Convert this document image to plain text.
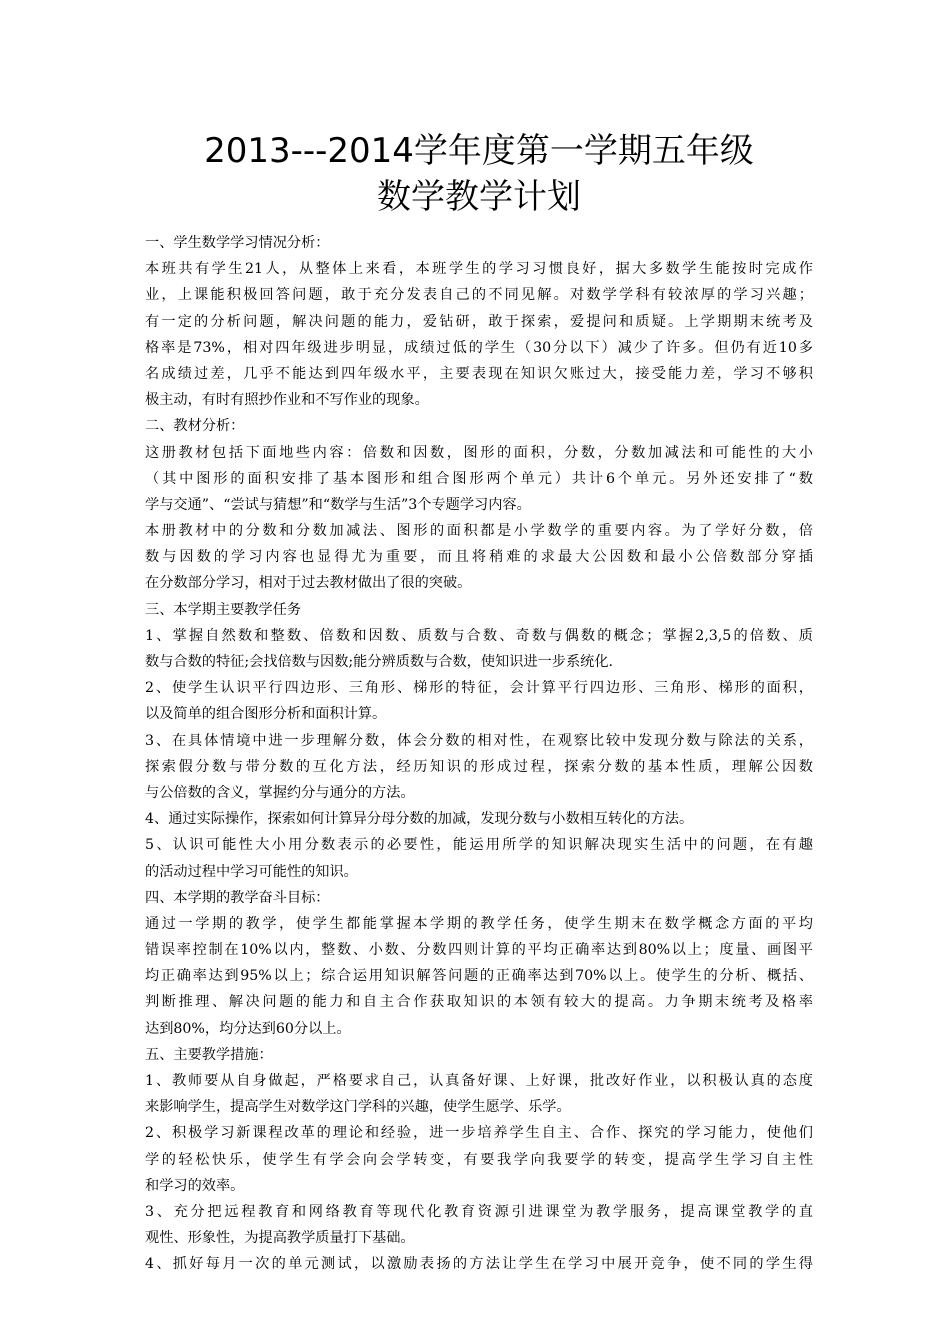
2013---2014学年度第一学期五年级
数学教学计划
一、学生数学学习情况分析：
本班共有学生21人，从整体上来看，本班学生的学习习惯良好，据大多数学生能按时完成作
业，上课能积极回答问题，敢于充分发表自己的不同见解。对数学学科有较浓厚的学习兴趣；
有一定的分析问题，解决问题的能力，爱钻研，敢于探索，爱提问和质疑。上学期期末统考及
格率是73%，相对四年级进步明显，成绩过低的学生（30分以下）减少了许多。但仍有近10多
名成绩过差，几乎不能达到四年级水平，主要表现在知识欠账过大，接受能力差，学习不够积
极主动，有时有照抄作业和不写作业的现象。
二、教材分析：
这册教材包括下面地些内容：倍数和因数，图形的面积，分数，分数加减法和可能性的大小
（其中图形的面积安排了基本图形和组合图形两个单元）共计6个单元。另外还安排了“数
学与交通”、“尝试与猜想”和“数学与生活”3个专题学习内容。
本册教材中的分数和分数加减法、图形的面积都是小学数学的重要内容。为了学好分数，倍
数与因数的学习内容也显得尤为重要，而且将稍难的求最大公因数和最小公倍数部分穿插
在分数部分学习，相对于过去教材做出了很的突破。
三、本学期主要教学任务
1、掌握自然数和整数、倍数和因数、质数与合数、奇数与偶数的概念；掌握2,3,5的倍数、质
数与合数的特征;会找倍数与因数;能分辨质数与合数，使知识进一步系统化.
2、使学生认识平行四边形、三角形、梯形的特征，会计算平行四边形、三角形、梯形的面积，
以及简单的组合图形分析和面积计算。
3、在具体情境中进一步理解分数，体会分数的相对性，在观察比较中发现分数与除法的关系，
探索假分数与带分数的互化方法，经历知识的形成过程，探索分数的基本性质，理解公因数
与公倍数的含义，掌握约分与通分的方法。
4、通过实际操作，探索如何计算异分母分数的加减，发现分数与小数相互转化的方法。
5、认识可能性大小用分数表示的必要性，能运用所学的知识解决现实生活中的问题，在有趣
的活动过程中学习可能性的知识。
四、本学期的教学奋斗目标：
通过一学期的教学，使学生都能掌握本学期的教学任务，使学生期末在数学概念方面的平均
错误率控制在10%以内，整数、小数、分数四则计算的平均正确率达到80%以上；度量、画图平
均正确率达到95%以上；综合运用知识解答问题的正确率达到70%以上。使学生的分析、概括、
判断推理、解决问题的能力和自主合作获取知识的本领有较大的提高。力争期末统考及格率
达到80%，均分达到60分以上。
五、主要教学措施：
1、教师要从自身做起，严格要求自己，认真备好课、上好课，批改好作业，以积极认真的态度
来影响学生，提高学生对数学这门学科的兴趣，使学生愿学、乐学。
2、积极学习新课程改革的理论和经验，进一步培养学生自主、合作、探究的学习能力，使他们
学的轻松快乐，使学生有学会向会学转变，有要我学向我要学的转变，提高学生学习自主性
和学习的效率。
3、充分把远程教育和网络教育等现代化教育资源引进课堂为教学服务，提高课堂教学的直
观性、形象性，为提高教学质量打下基础。
4、抓好每月一次的单元测试，以激励表扬的方法让学生在学习中展开竞争，使不同的学生得
